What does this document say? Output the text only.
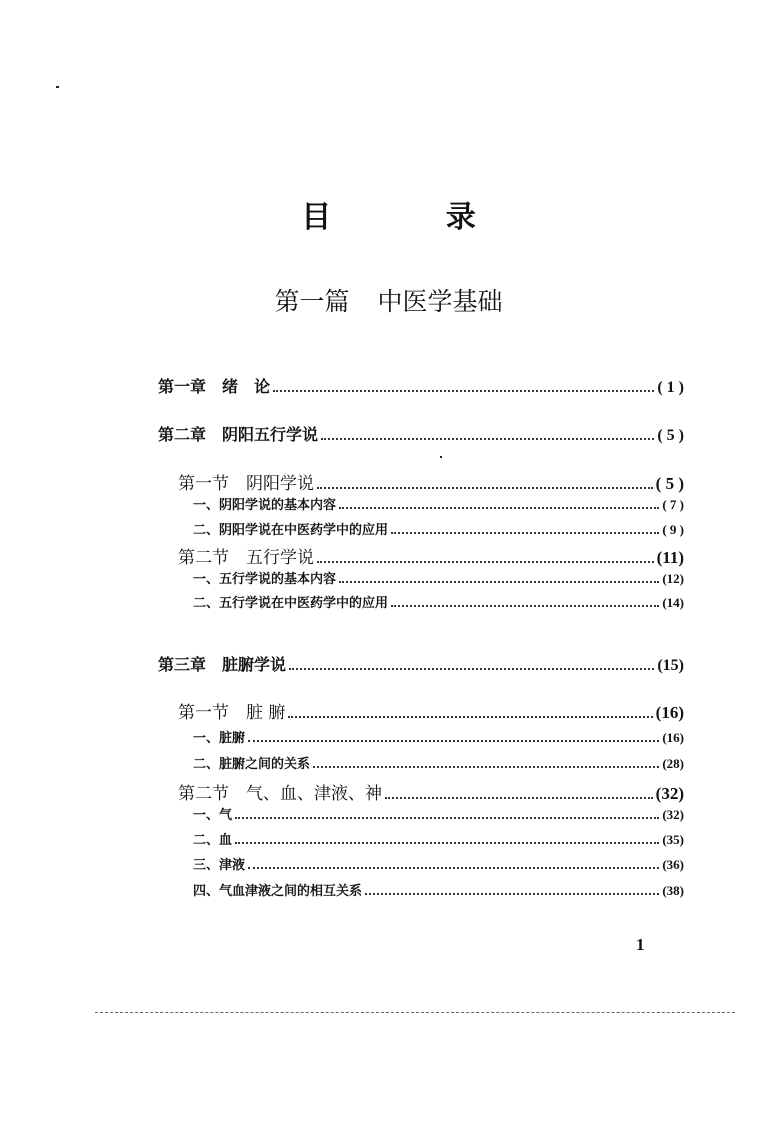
目 录
第一篇 中医学基础
第一章　绪　论	( 1 )
第二章　阴阳五行学说	( 5 )
第一节　阴阳学说	( 5 )
一、阴阳学说的基本内容	( 7 )
二、阴阳学说在中医药学中的应用	( 9 )
第二节　五行学说	(11)
一、五行学说的基本内容	(12)
二、五行学说在中医药学中的应用	(14)
第三章　脏腑学说	(15)
第一节　脏 腑	(16)
一、脏腑	(16)
二、脏腑之间的关系	(28)
第二节　气、血、津液、神	(32)
一、气	(32)
二、血	(35)
三、津液	(36)
四、气血津液之间的相互关系	(38)
1
